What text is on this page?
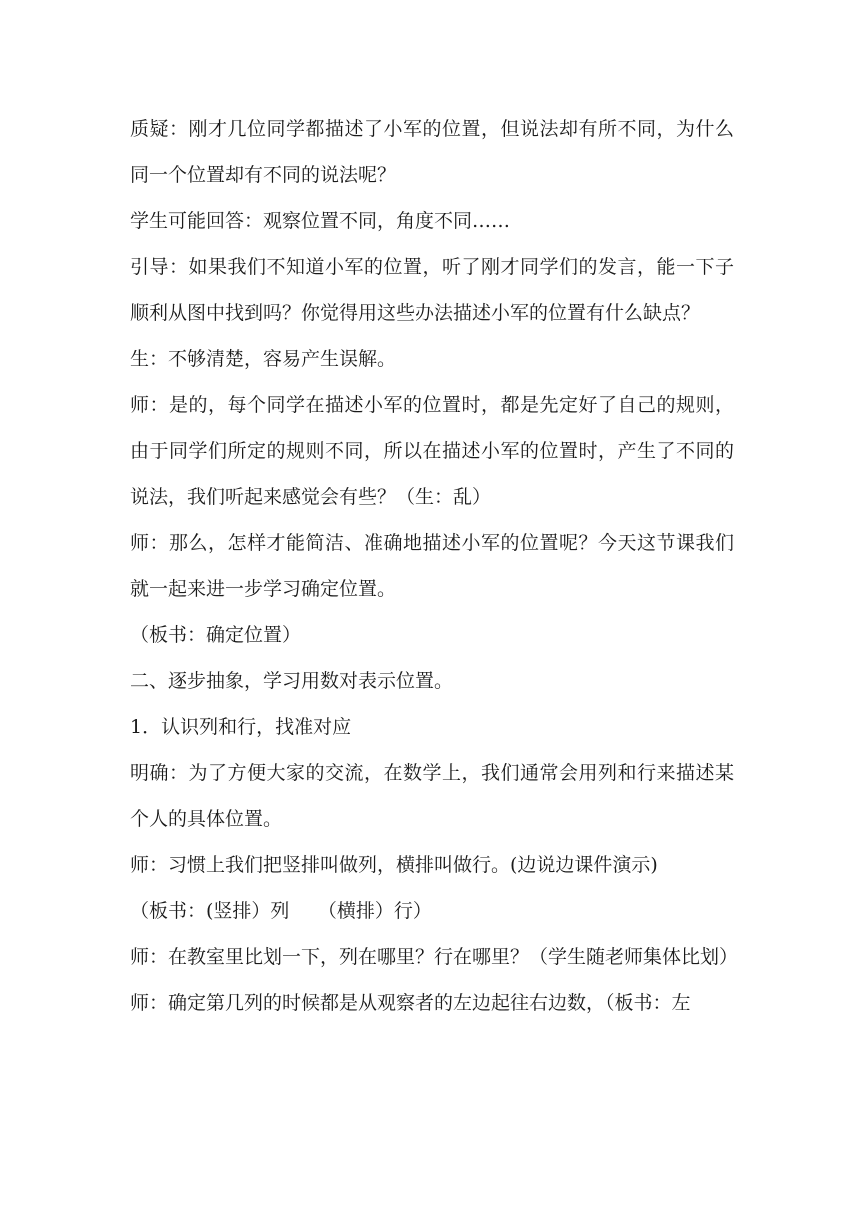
质疑：刚才几位同学都描述了小军的位置，但说法却有所不同，为什么同一个位置却有不同的说法呢？

学生可能回答：观察位置不同，角度不同……

引导：如果我们不知道小军的位置，听了刚才同学们的发言，能一下子顺利从图中找到吗？你觉得用这些办法描述小军的位置有什么缺点？

生：不够清楚，容易产生误解。

师：是的，每个同学在描述小军的位置时，都是先定好了自己的规则，由于同学们所定的规则不同，所以在描述小军的位置时，产生了不同的说法，我们听起来感觉会有些？（生：乱）

师：那么，怎样才能简洁、准确地描述小军的位置呢？今天这节课我们就一起来进一步学习确定位置。

（板书：确定位置）

二、逐步抽象，学习用数对表示位置。

1．认识列和行，找准对应

明确：为了方便大家的交流，在数学上，我们通常会用列和行来描述某个人的具体位置。

师：习惯上我们把竖排叫做列，横排叫做行。(边说边课件演示)

（板书：(竖排）列　　（横排）行）

师：在教室里比划一下，列在哪里？行在哪里？（学生随老师集体比划）

师：确定第几列的时候都是从观察者的左边起往右边数，（板书：左
